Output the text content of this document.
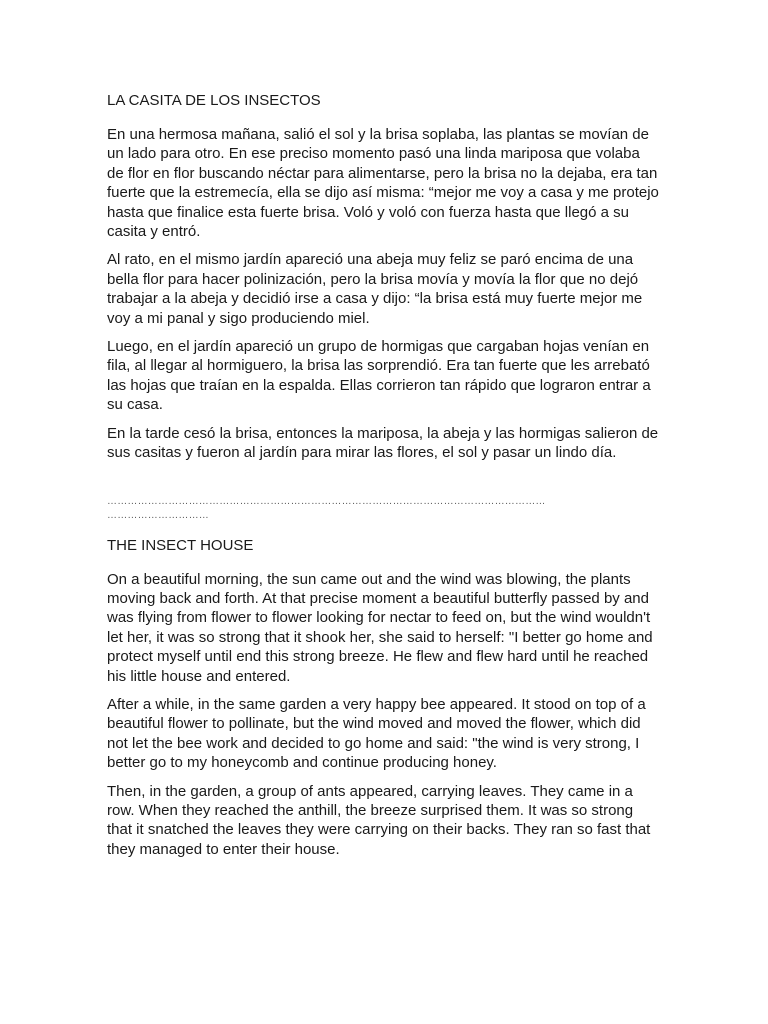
LA CASITA DE LOS INSECTOS

En una hermosa mañana, salió el sol y la brisa soplaba, las plantas se movían de
un lado para otro. En ese preciso momento pasó una linda mariposa que volaba
de flor en flor buscando néctar para alimentarse, pero la brisa no la dejaba, era tan
fuerte que la estremecía, ella se dijo así misma: “mejor me voy a casa y me protejo
hasta que finalice esta fuerte brisa. Voló y voló con fuerza hasta que llegó a su
casita y entró.

Al rato, en el mismo jardín apareció una abeja muy feliz se paró encima de una
bella flor para hacer polinización, pero la brisa movía y movía la flor que no dejó
trabajar a la abeja y decidió irse a casa y dijo: “la brisa está muy fuerte mejor me
voy a mi panal y sigo produciendo miel.

Luego, en el jardín apareció un grupo de hormigas que cargaban hojas venían en
fila, al llegar al hormiguero, la brisa las sorprendió. Era tan fuerte que les arrebató
las hojas que traían en la espalda. Ellas corrieron tan rápido que lograron entrar a
su casa.

En la tarde cesó la brisa, entonces la mariposa, la abeja y las hormigas salieron de
sus casitas y fueron al jardín para mirar las flores, el sol y pasar un lindo día.

…………………………………………………………………………………………………………………
…………………………
THE INSECT HOUSE

On a beautiful morning, the sun came out and the wind was blowing, the plants
moving back and forth. At that precise moment a beautiful butterfly passed by and
was flying from flower to flower looking for nectar to feed on, but the wind wouldn't
let her, it was so strong that it shook her, she said to herself: "I better go home and
protect myself until end this strong breeze. He flew and flew hard until he reached
his little house and entered.

After a while, in the same garden a very happy bee appeared. It stood on top of a
beautiful flower to pollinate, but the wind moved and moved the flower, which did
not let the bee work and decided to go home and said: "the wind is very strong, I
better go to my honeycomb and continue producing honey.

Then, in the garden, a group of ants appeared, carrying leaves. They came in a
row. When they reached the anthill, the breeze surprised them. It was so strong
that it snatched the leaves they were carrying on their backs. They ran so fast that
they managed to enter their house.
